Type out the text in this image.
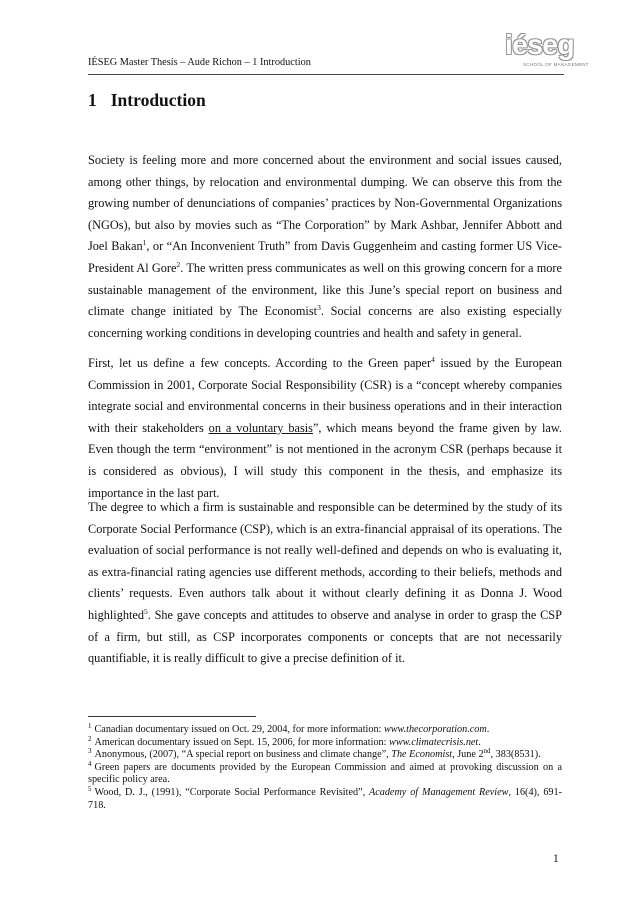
IÉSEG Master Thesis – Aude Richon – 1 Introduction
iéseg
SCHOOL OF MANAGEMENT
1 Introduction
Society is feeling more and more concerned about the environment and social issues caused, among other things, by relocation and environmental dumping. We can observe this from the growing number of denunciations of companies’ practices by Non-Governmental Organizations (NGOs), but also by movies such as “The Corporation” by Mark Ashbar, Jennifer Abbott and Joel Bakan$^1$, or “An Inconvenient Truth” from Davis Guggenheim and casting former US Vice-President Al Gore$^2$. The written press communicates as well on this growing concern for a more sustainable management of the environment, like this June’s special report on business and climate change initiated by The Economist$^3$. Social concerns are also existing especially concerning working conditions in developing countries and health and safety in general.
First, let us define a few concepts. According to the Green paper$^4$ issued by the European Commission in 2001, Corporate Social Responsibility (CSR) is a “concept whereby companies integrate social and environmental concerns in their business operations and in their interaction with their stakeholders on a voluntary basis”, which means beyond the frame given by law. Even though the term “environment” is not mentioned in the acronym CSR (perhaps because it is considered as obvious), I will study this component in the thesis, and emphasize its importance in the last part.
The degree to which a firm is sustainable and responsible can be determined by the study of its Corporate Social Performance (CSP), which is an extra-financial appraisal of its operations. The evaluation of social performance is not really well-defined and depends on who is evaluating it, as extra-financial rating agencies use different methods, according to their beliefs, methods and clients’ requests. Even authors talk about it without clearly defining it as Donna J. Wood highlighted$^5$. She gave concepts and attitudes to observe and analyse in order to grasp the CSP of a firm, but still, as CSP incorporates components or concepts that are not necessarily quantifiable, it is really difficult to give a precise definition of it.

$^1$ Canadian documentary issued on Oct. 29, 2004, for more information: www.thecorporation.com.

$^2$ American documentary issued on Sept. 15, 2006, for more information: www.climatecrisis.net.

$^3$ Anonymous, (2007), “A special report on business and climate change”, The Economist, June 2nd, 383(8531).

$^4$ Green papers are documents provided by the European Commission and aimed at provoking discussion on a specific policy area.

$^5$ Wood, D. J., (1991), “Corporate Social Performance Revisited”, Academy of Management Review, 16(4), 691-718.

1
